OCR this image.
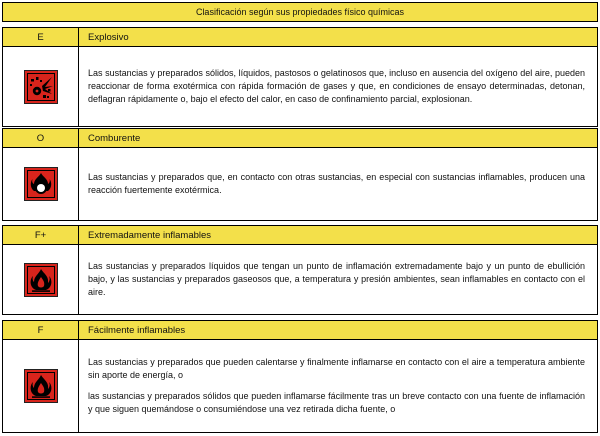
Clasificación según sus propiedades físico químicas
E	Explosivo

Las sustancias y preparados sólidos, líquidos, pastosos o gelatinosos que, incluso en ausencia del oxígeno del aire, pueden reaccionar de forma exotérmica con rápida formación de gases y que, en condiciones de ensayo determinadas, detonan, deflagran rápidamente o, bajo el efecto del calor, en caso de confinamiento parcial, explosionan.

O	Comburente

Las sustancias y preparados que, en contacto con otras sustancias, en especial con sustancias inflamables, producen una reacción fuertemente exotérmica.

F+	Extremadamente inflamables

Las sustancias y preparados líquidos que tengan un punto de inflamación extremadamente bajo y un punto de ebullición bajo, y las sustancias y preparados gaseosos que, a temperatura y presión ambientes, sean inflamables en contacto con el aire.

F	Fácilmente inflamables

Las sustancias y preparados que pueden calentarse y finalmente inflamarse en contacto con el aire a temperatura ambiente sin aporte de energía, o

las sustancias y preparados sólidos que pueden inflamarse fácilmente tras un breve contacto con una fuente de inflamación y que siguen quemándose o consumiéndose una vez retirada dicha fuente, o
